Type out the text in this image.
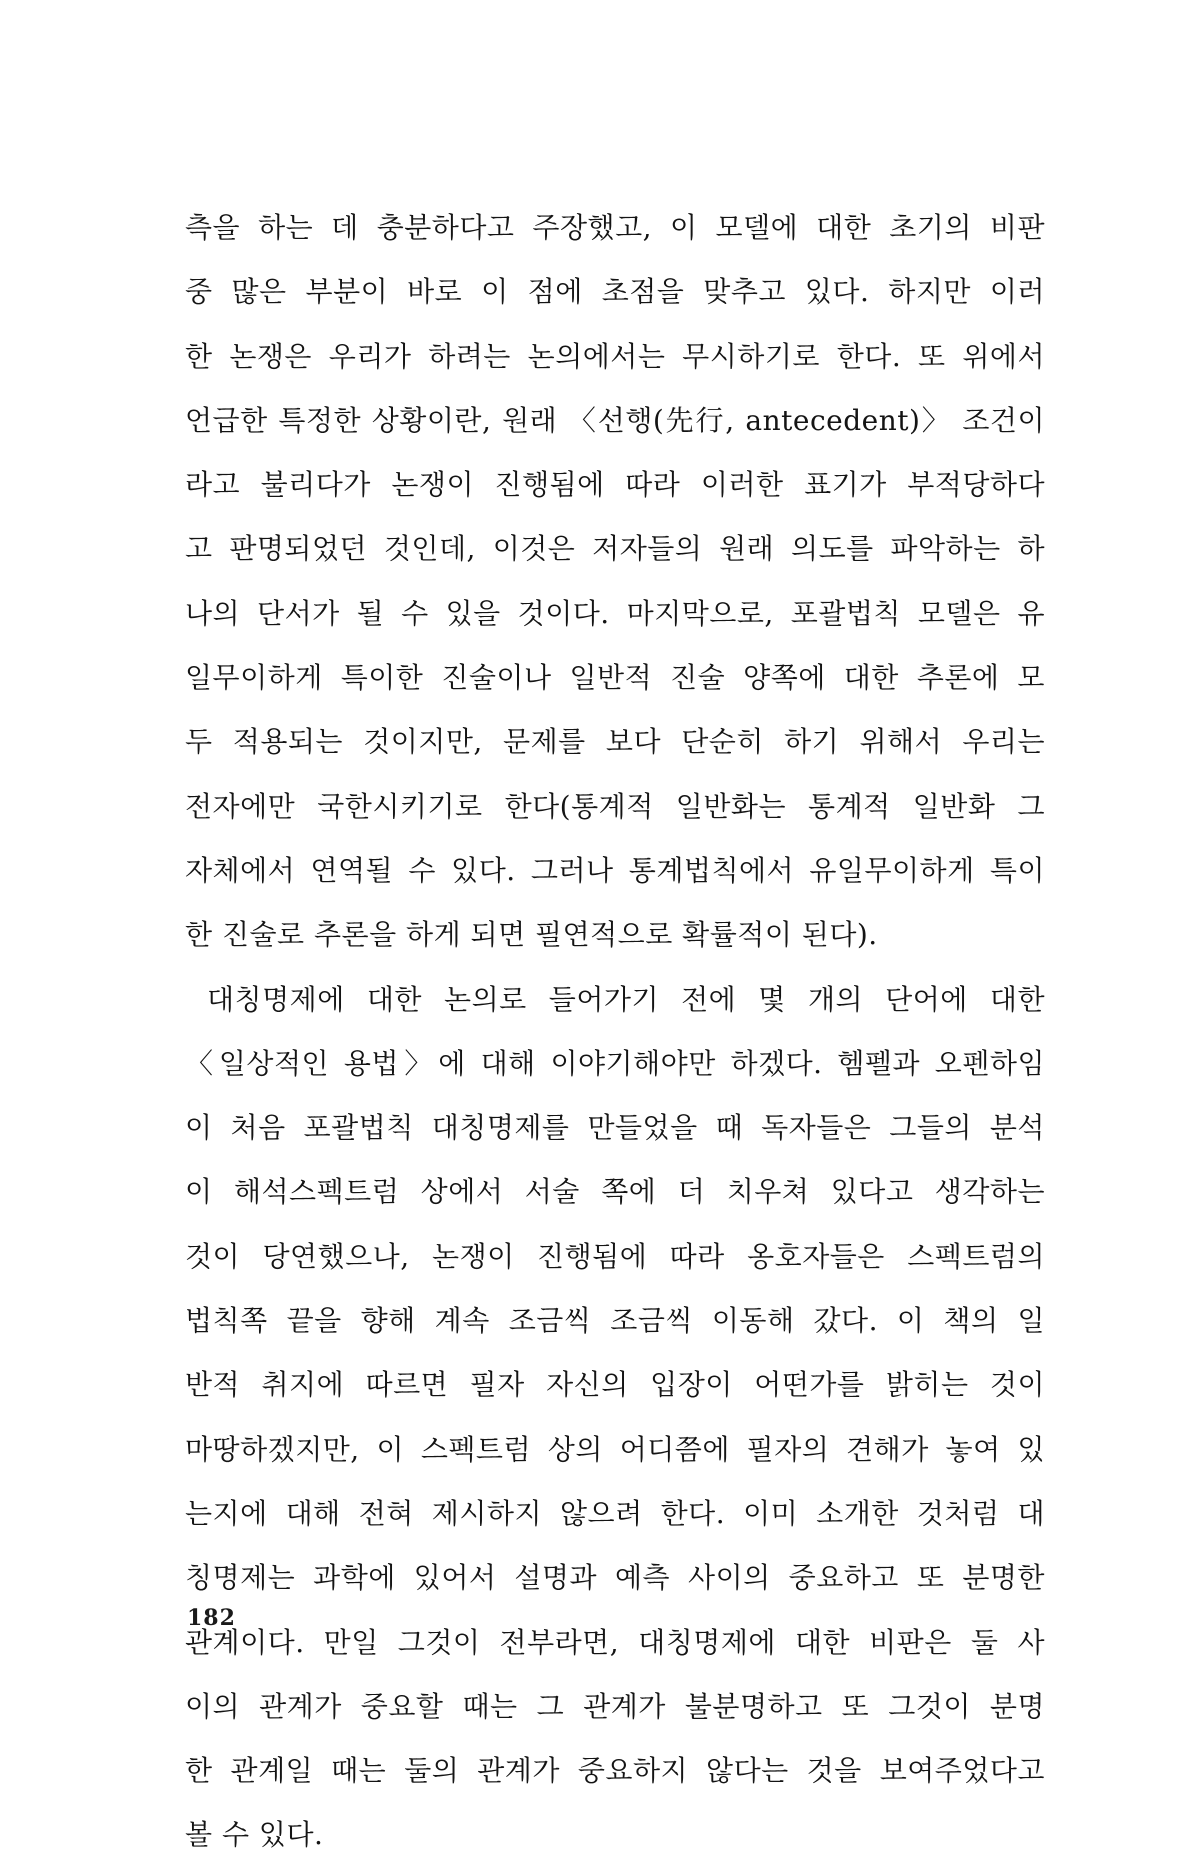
측을 하는 데 충분하다고 주장했고, 이 모델에 대한 초기의 비판
중 많은 부분이 바로 이 점에 초점을 맞추고 있다. 하지만 이러
한 논쟁은 우리가 하려는 논의에서는 무시하기로 한다. 또 위에서
언급한 특정한 상황이란, 원래 〈선행(先行, antecedent)〉 조건이
라고 불리다가 논쟁이 진행됨에 따라 이러한 표기가 부적당하다
고 판명되었던 것인데, 이것은 저자들의 원래 의도를 파악하는 하
나의 단서가 될 수 있을 것이다. 마지막으로, 포괄법칙 모델은 유
일무이하게 특이한 진술이나 일반적 진술 양쪽에 대한 추론에 모
두 적용되는 것이지만, 문제를 보다 단순히 하기 위해서 우리는
전자에만 국한시키기로 한다(통계적 일반화는 통계적 일반화 그
자체에서 연역될 수 있다. 그러나 통계법칙에서 유일무이하게 특이
한 진술로 추론을 하게 되면 필연적으로 확률적이 된다).
대칭명제에 대한 논의로 들어가기 전에 몇 개의 단어에 대한
〈일상적인 용법〉에 대해 이야기해야만 하겠다. 헴펠과 오펜하임
이 처음 포괄법칙 대칭명제를 만들었을 때 독자들은 그들의 분석
이 해석스펙트럼 상에서 서술 쪽에 더 치우쳐 있다고 생각하는
것이 당연했으나, 논쟁이 진행됨에 따라 옹호자들은 스펙트럼의
법칙쪽 끝을 향해 계속 조금씩 조금씩 이동해 갔다. 이 책의 일
반적 취지에 따르면 필자 자신의 입장이 어떤가를 밝히는 것이
마땅하겠지만, 이 스펙트럼 상의 어디쯤에 필자의 견해가 놓여 있
는지에 대해 전혀 제시하지 않으려 한다. 이미 소개한 것처럼 대
칭명제는 과학에 있어서 설명과 예측 사이의 중요하고 또 분명한
관계이다. 만일 그것이 전부라면, 대칭명제에 대한 비판은 둘 사
이의 관계가 중요할 때는 그 관계가 불분명하고 또 그것이 분명
한 관계일 때는 둘의 관계가 중요하지 않다는 것을 보여주었다고
볼 수 있다.
182
